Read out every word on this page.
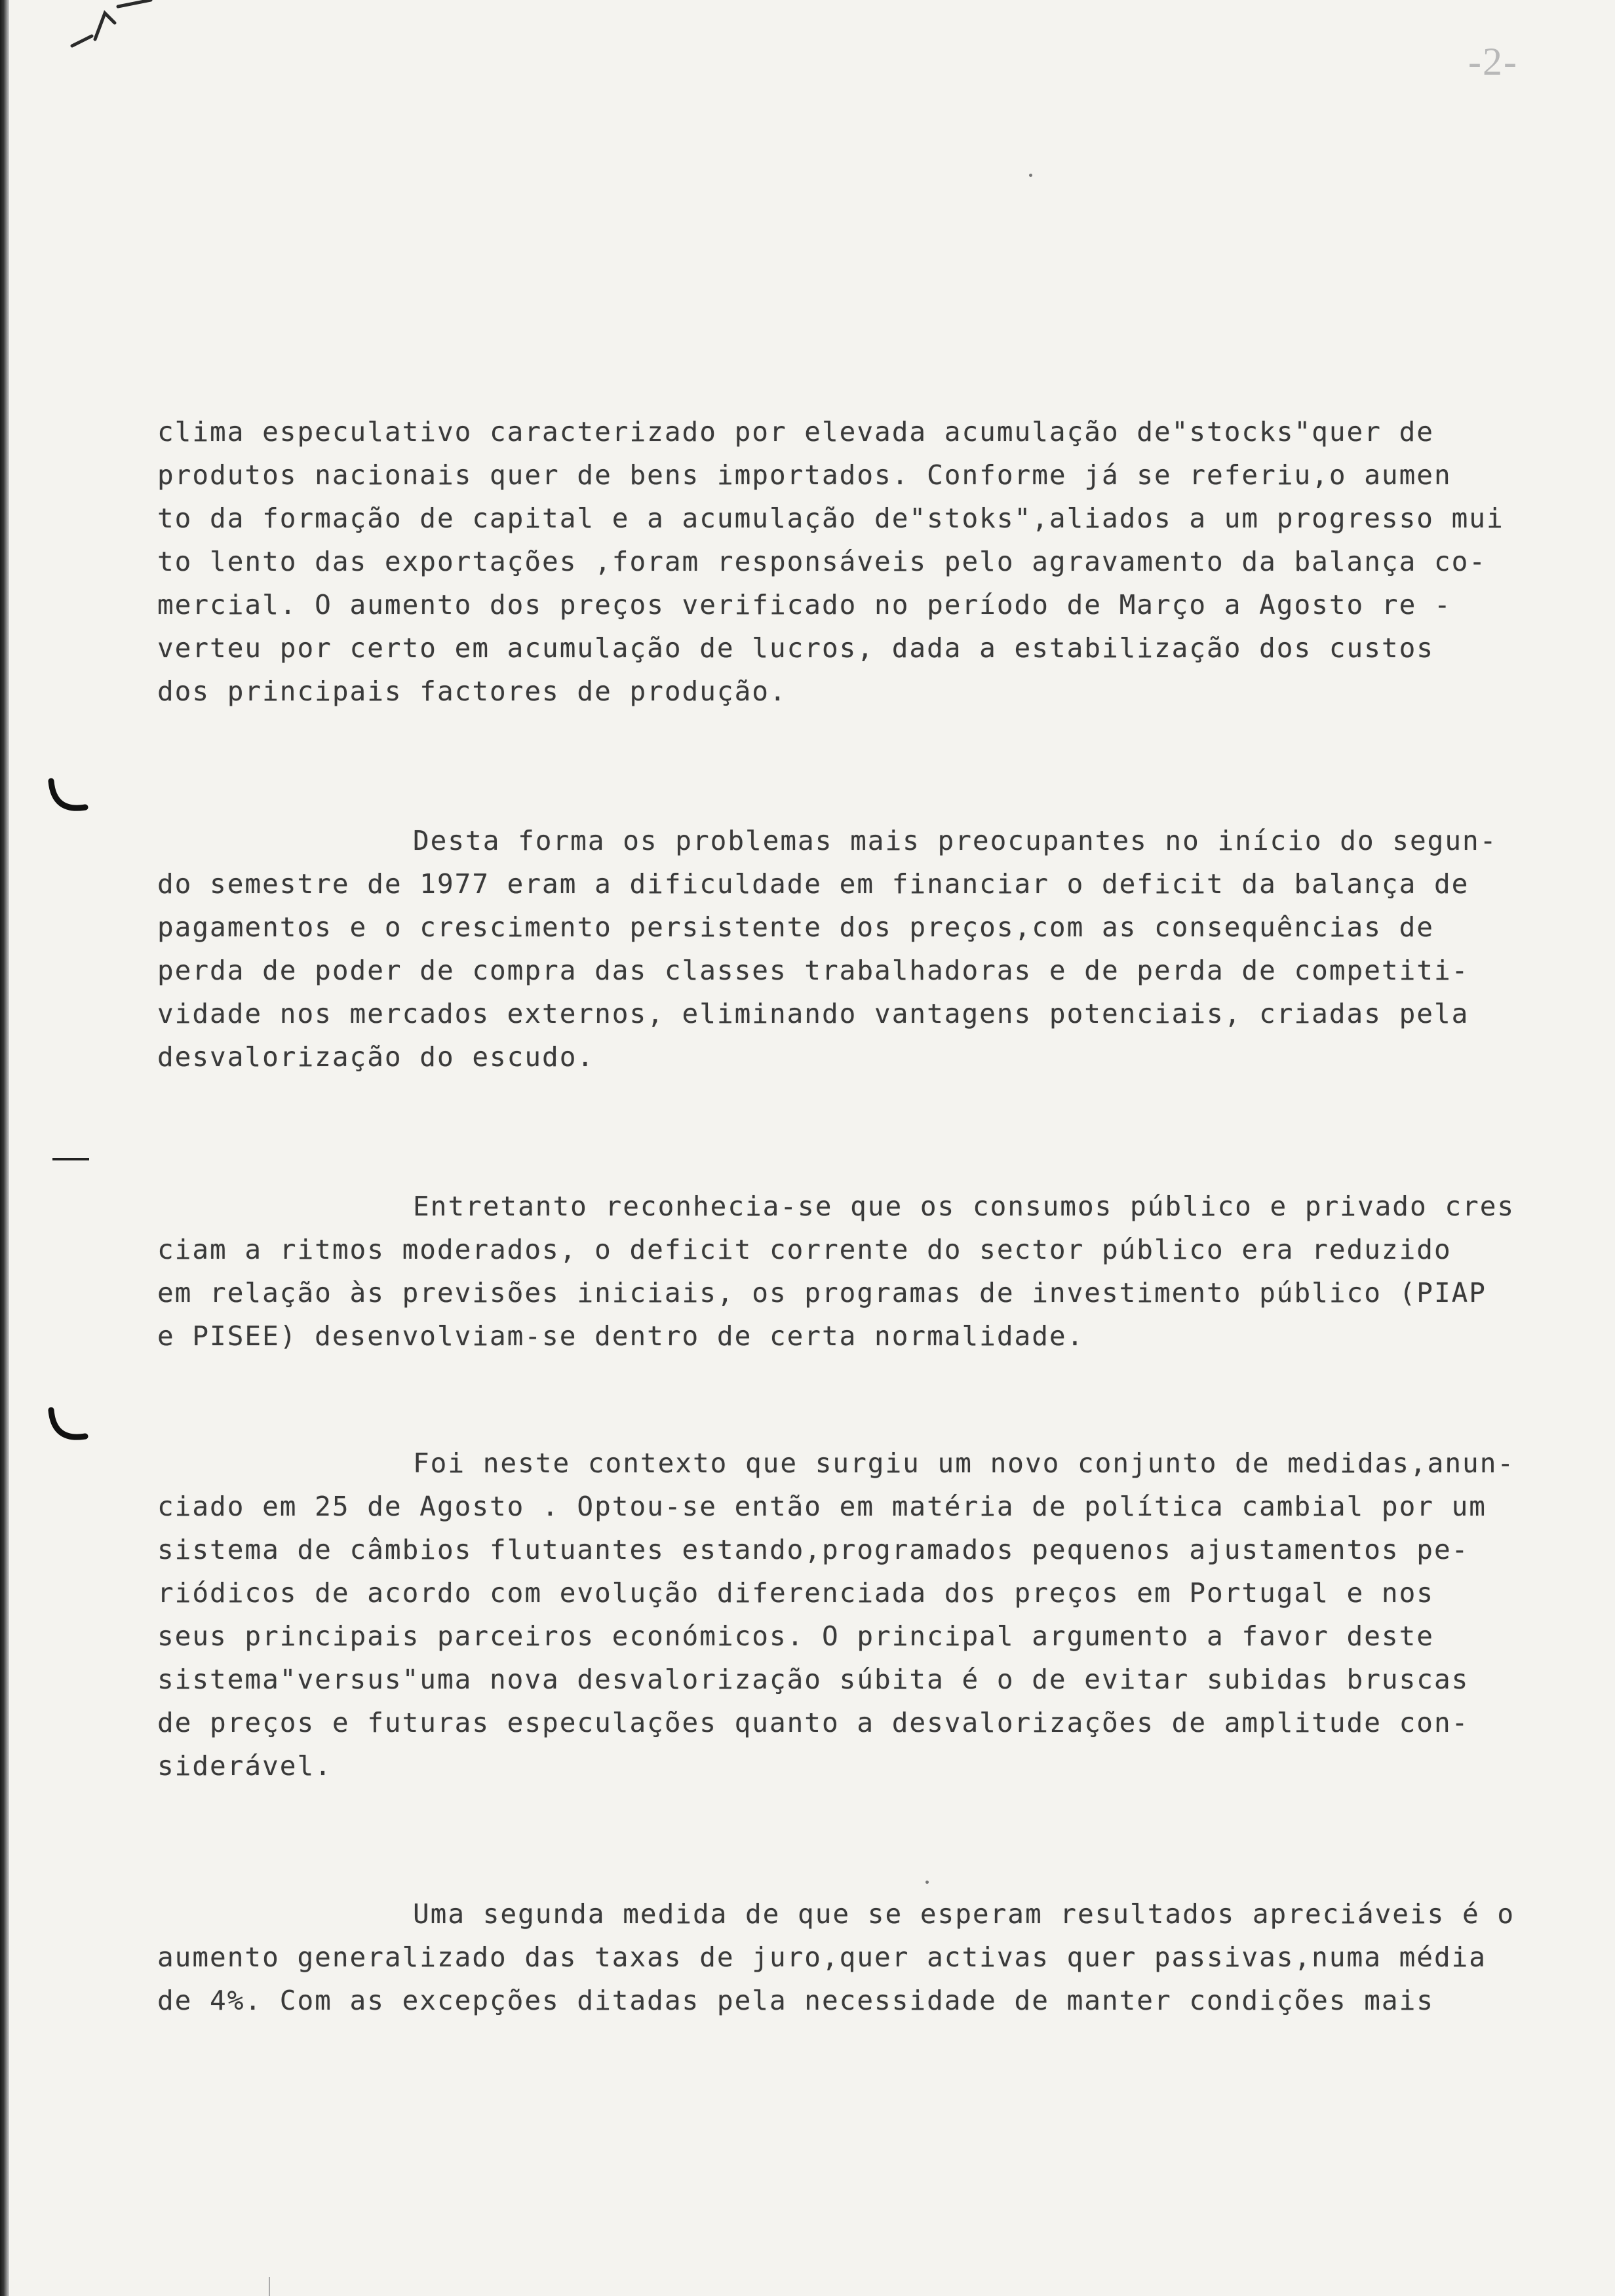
-2-
clima especulativo caracterizado por elevada acumulação de"stocks"quer de
produtos nacionais quer de bens importados. Conforme já se referiu,o aumen
to da formação de capital e a acumulação de"stoks",aliados a um progresso mui
to lento das exportações ,foram responsáveis pelo agravamento da balança co-
mercial. O aumento dos preços verificado no período de Março a Agosto re -
verteu por certo em acumulação de lucros, dada a estabilização dos custos
dos principais factores de produção.
Desta forma os problemas mais preocupantes no início do segun-
do semestre de 1977 eram a dificuldade em financiar o deficit da balança de
pagamentos e o crescimento persistente dos preços,com as consequências de
perda de poder de compra das classes trabalhadoras e de perda de competiti-
vidade nos mercados externos, eliminando vantagens potenciais, criadas pela
desvalorização do escudo.
Entretanto reconhecia-se que os consumos público e privado cres
ciam a ritmos moderados, o deficit corrente do sector público era reduzido
em relação às previsões iniciais, os programas de investimento público (PIAP
e PISEE) desenvolviam-se dentro de certa normalidade.
Foi neste contexto que surgiu um novo conjunto de medidas,anun-
ciado em 25 de Agosto . Optou-se então em matéria de política cambial por um
sistema de câmbios flutuantes estando,programados pequenos ajustamentos pe-
riódicos de acordo com evolução diferenciada dos preços em Portugal e nos
seus principais parceiros económicos. O principal argumento a favor deste
sistema"versus"uma nova desvalorização súbita é o de evitar subidas bruscas
de preços e futuras especulações quanto a desvalorizações de amplitude con-
siderável.
Uma segunda medida de que se esperam resultados apreciáveis é o
aumento generalizado das taxas de juro,quer activas quer passivas,numa média
de 4%. Com as excepções ditadas pela necessidade de manter condições mais
